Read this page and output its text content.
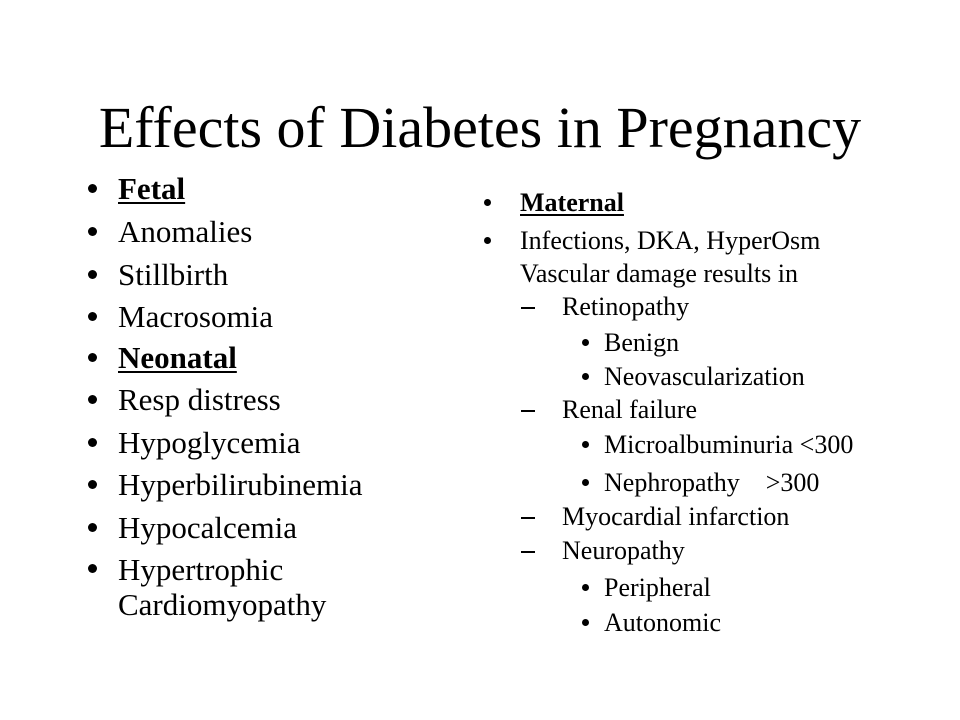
Effects of Diabetes in Pregnancy
Fetal
Anomalies
Stillbirth
Macrosomia
Neonatal
Resp distress
Hypoglycemia
Hyperbilirubinemia
Hypocalcemia
Hypertrophic Cardiomyopathy
Maternal
Infections, DKA, HyperOsm
Vascular damage results in
Retinopathy
Benign
Neovascularization
Renal failure
Microalbuminuria <300
Nephropathy    >300
Myocardial infarction
Neuropathy
Peripheral
Autonomic
